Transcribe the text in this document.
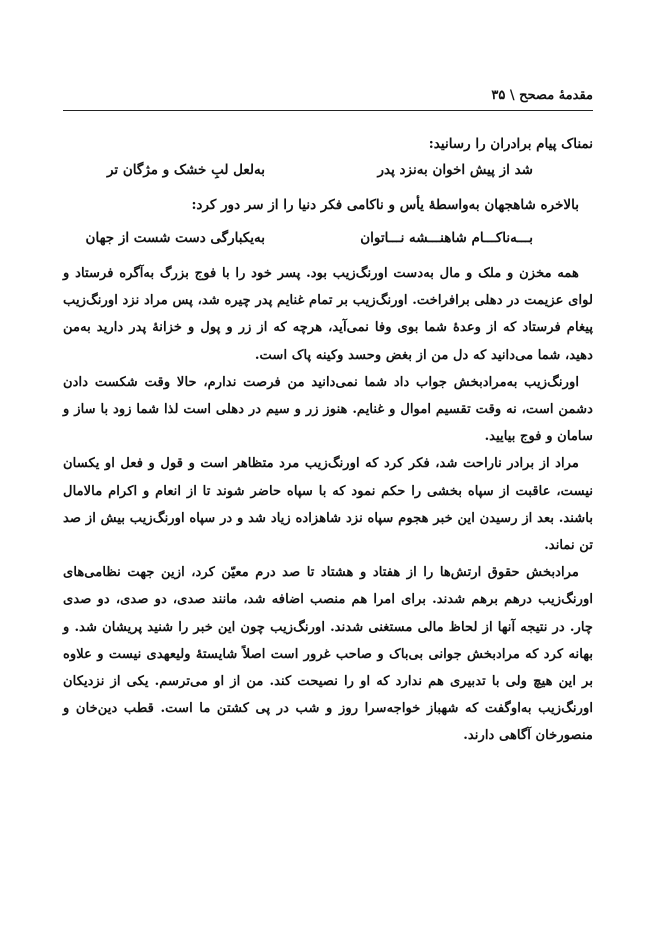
مقدمهٔ مصحح \ ۳۵
نمناک پیام برادران را رسانید:
شد از پیش اخوان به‌نزد پدر
به‌لعل لبِ خشک و مژگان تر
بالاخره شاهجهان به‌واسطهٔ یأس و ناکامی فکر دنیا را از سر دور کرد:
بـــه‌ناکـــام شاهنـــشه نـــاتوان
به‌یکبارگی دست شست از جهان

همه مخزن و ملک و مال به‌دست اورنگ‌زیب بود. پسر خود را با فوج بزرگ به‌آگره فرستاد و لوای عزیمت در دهلی برافراخت. اورنگ‌زیب بر تمام غنایم پدر چیره شد، پس مراد نزد اورنگ‌زیب پیغام فرستاد که از وعدهٔ شما بوی وفا نمی‌آید، هرچه که از زر و پول و خزانهٔ پدر دارید به‌من دهید، شما می‌دانید که دل من از بغض وحسد وکینه پاک است.

اورنگ‌زیب به‌مرادبخش جواب داد شما نمی‌دانید من فرصت ندارم، حالا وقت شکست دادن دشمن است، نه وقت تقسیم اموال و غنایم. هنوز زر و سیم در دهلی است لذا شما زود با ساز و سامان و فوج بیایید.

مراد از برادر ناراحت شد، فکر کرد که اورنگ‌زیب مرد متظاهر است و قول و فعل او یکسان نیست، عاقبت از سپاه بخشی را حکم نمود که با سپاه حاضر شوند تا از انعام و اکرام مالامال باشند. بعد از رسیدن این خبر هجوم سپاه نزد شاهزاده زیاد شد و در سپاه اورنگ‌زیب بیش از صد تن نماند.

مرادبخش حقوق ارتش‌ها را از هفتاد و هشتاد تا صد درم معیّن کرد، ازین جهت نظامی‌های اورنگ‌زیب درهم برهم شدند. برای امرا هم منصب اضافه شد، مانند صدی، دو صدی، دو صدی چار. در نتیجه آنها از لحاظ مالی مستغنی شدند. اورنگ‌زیب چون این خبر را شنید پریشان شد. و بهانه کرد که مرادبخش جوانی بی‌باک و صاحب غرور است اصلاً شایستهٔ ولیعهدی نیست و علاوه بر این هیچ ولی با تدبیری هم ندارد که او را نصیحت کند. من از او می‌ترسم. یکی از نزدیکان اورنگ‌زیب به‌اوگفت که شهباز خواجه‌سرا روز و شب در پی کشتن ما است. قطب دین‌خان و منصورخان آگاهی دارند.
